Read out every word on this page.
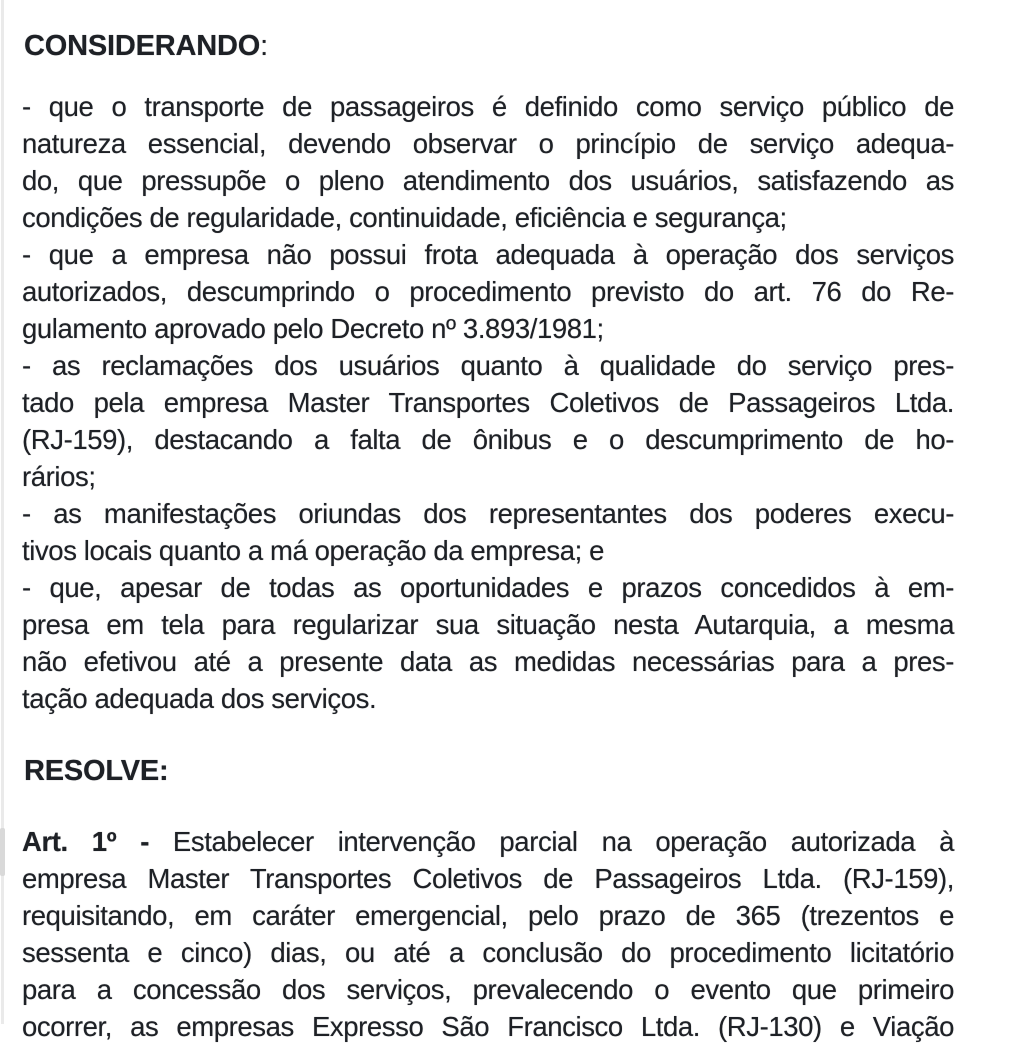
CONSIDERANDO:
- que o transporte de passageiros é definido como serviço público de
natureza essencial, devendo observar o princípio de serviço adequa-
do, que pressupõe o pleno atendimento dos usuários, satisfazendo as
condições de regularidade, continuidade, eficiência e segurança;
- que a empresa não possui frota adequada à operação dos serviços
autorizados, descumprindo o procedimento previsto do art. 76 do Re-
gulamento aprovado pelo Decreto nº 3.893/1981;
- as reclamações dos usuários quanto à qualidade do serviço pres-
tado pela empresa Master Transportes Coletivos de Passageiros Ltda.
(RJ-159), destacando a falta de ônibus e o descumprimento de ho-
rários;
- as manifestações oriundas dos representantes dos poderes execu-
tivos locais quanto a má operação da empresa; e
- que, apesar de todas as oportunidades e prazos concedidos à em-
presa em tela para regularizar sua situação nesta Autarquia, a mesma
não efetivou até a presente data as medidas necessárias para a pres-
tação adequada dos serviços.
RESOLVE:
Art. 1º - Estabelecer intervenção parcial na operação autorizada à
empresa Master Transportes Coletivos de Passageiros Ltda. (RJ-159),
requisitando, em caráter emergencial, pelo prazo de 365 (trezentos e
sessenta e cinco) dias, ou até a conclusão do procedimento licitatório
para a concessão dos serviços, prevalecendo o evento que primeiro
ocorrer, as empresas Expresso São Francisco Ltda. (RJ-130) e Viação
